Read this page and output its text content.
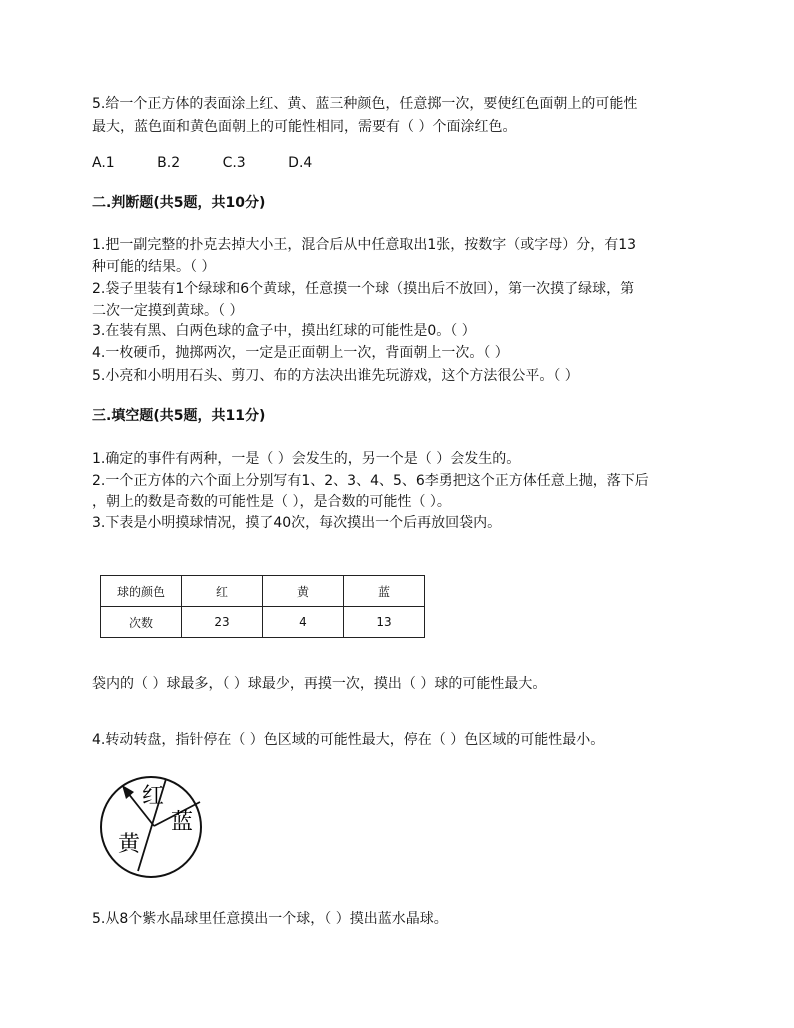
5.给一个正方体的表面涂上红、黄、蓝三种颜色，任意掷一次，要使红色面朝上的可能性
最大，蓝色面和黄色面朝上的可能性相同，需要有（ ）个面涂红色。
A.1	B.2	C.3	D.4
二.判断题(共5题，共10分)
1.把一副完整的扑克去掉大小王，混合后从中任意取出1张，按数字（或字母）分，有13
种可能的结果。（ ）
2.袋子里装有1个绿球和6个黄球，任意摸一个球（摸出后不放回），第一次摸了绿球，第
二次一定摸到黄球。（ ）
3.在装有黑、白两色球的盒子中，摸出红球的可能性是0。（ ）
4.一枚硬币，抛掷两次，一定是正面朝上一次，背面朝上一次。（ ）
5.小亮和小明用石头、剪刀、布的方法决出谁先玩游戏，这个方法很公平。（ ）
三.填空题(共5题，共11分)
1.确定的事件有两种，一是（ ）会发生的，另一个是（ ）会发生的。
2.一个正方体的六个面上分别写有1、2、3、4、5、6李勇把这个正方体任意上抛，落下后
，朝上的数是奇数的可能性是（ ），是合数的可能性（ ）。
3.下表是小明摸球情况，摸了40次，每次摸出一个后再放回袋内。
球的颜色	红	黄	蓝
次数	23	4	13
袋内的（ ）球最多，（ ）球最少，再摸一次，摸出（ ）球的可能性最大。
4.转动转盘，指针停在（ ）色区域的可能性最大，停在（ ）色区域的可能性最小。
红
蓝
黄
5.从8个紫水晶球里任意摸出一个球，（ ）摸出蓝水晶球。
